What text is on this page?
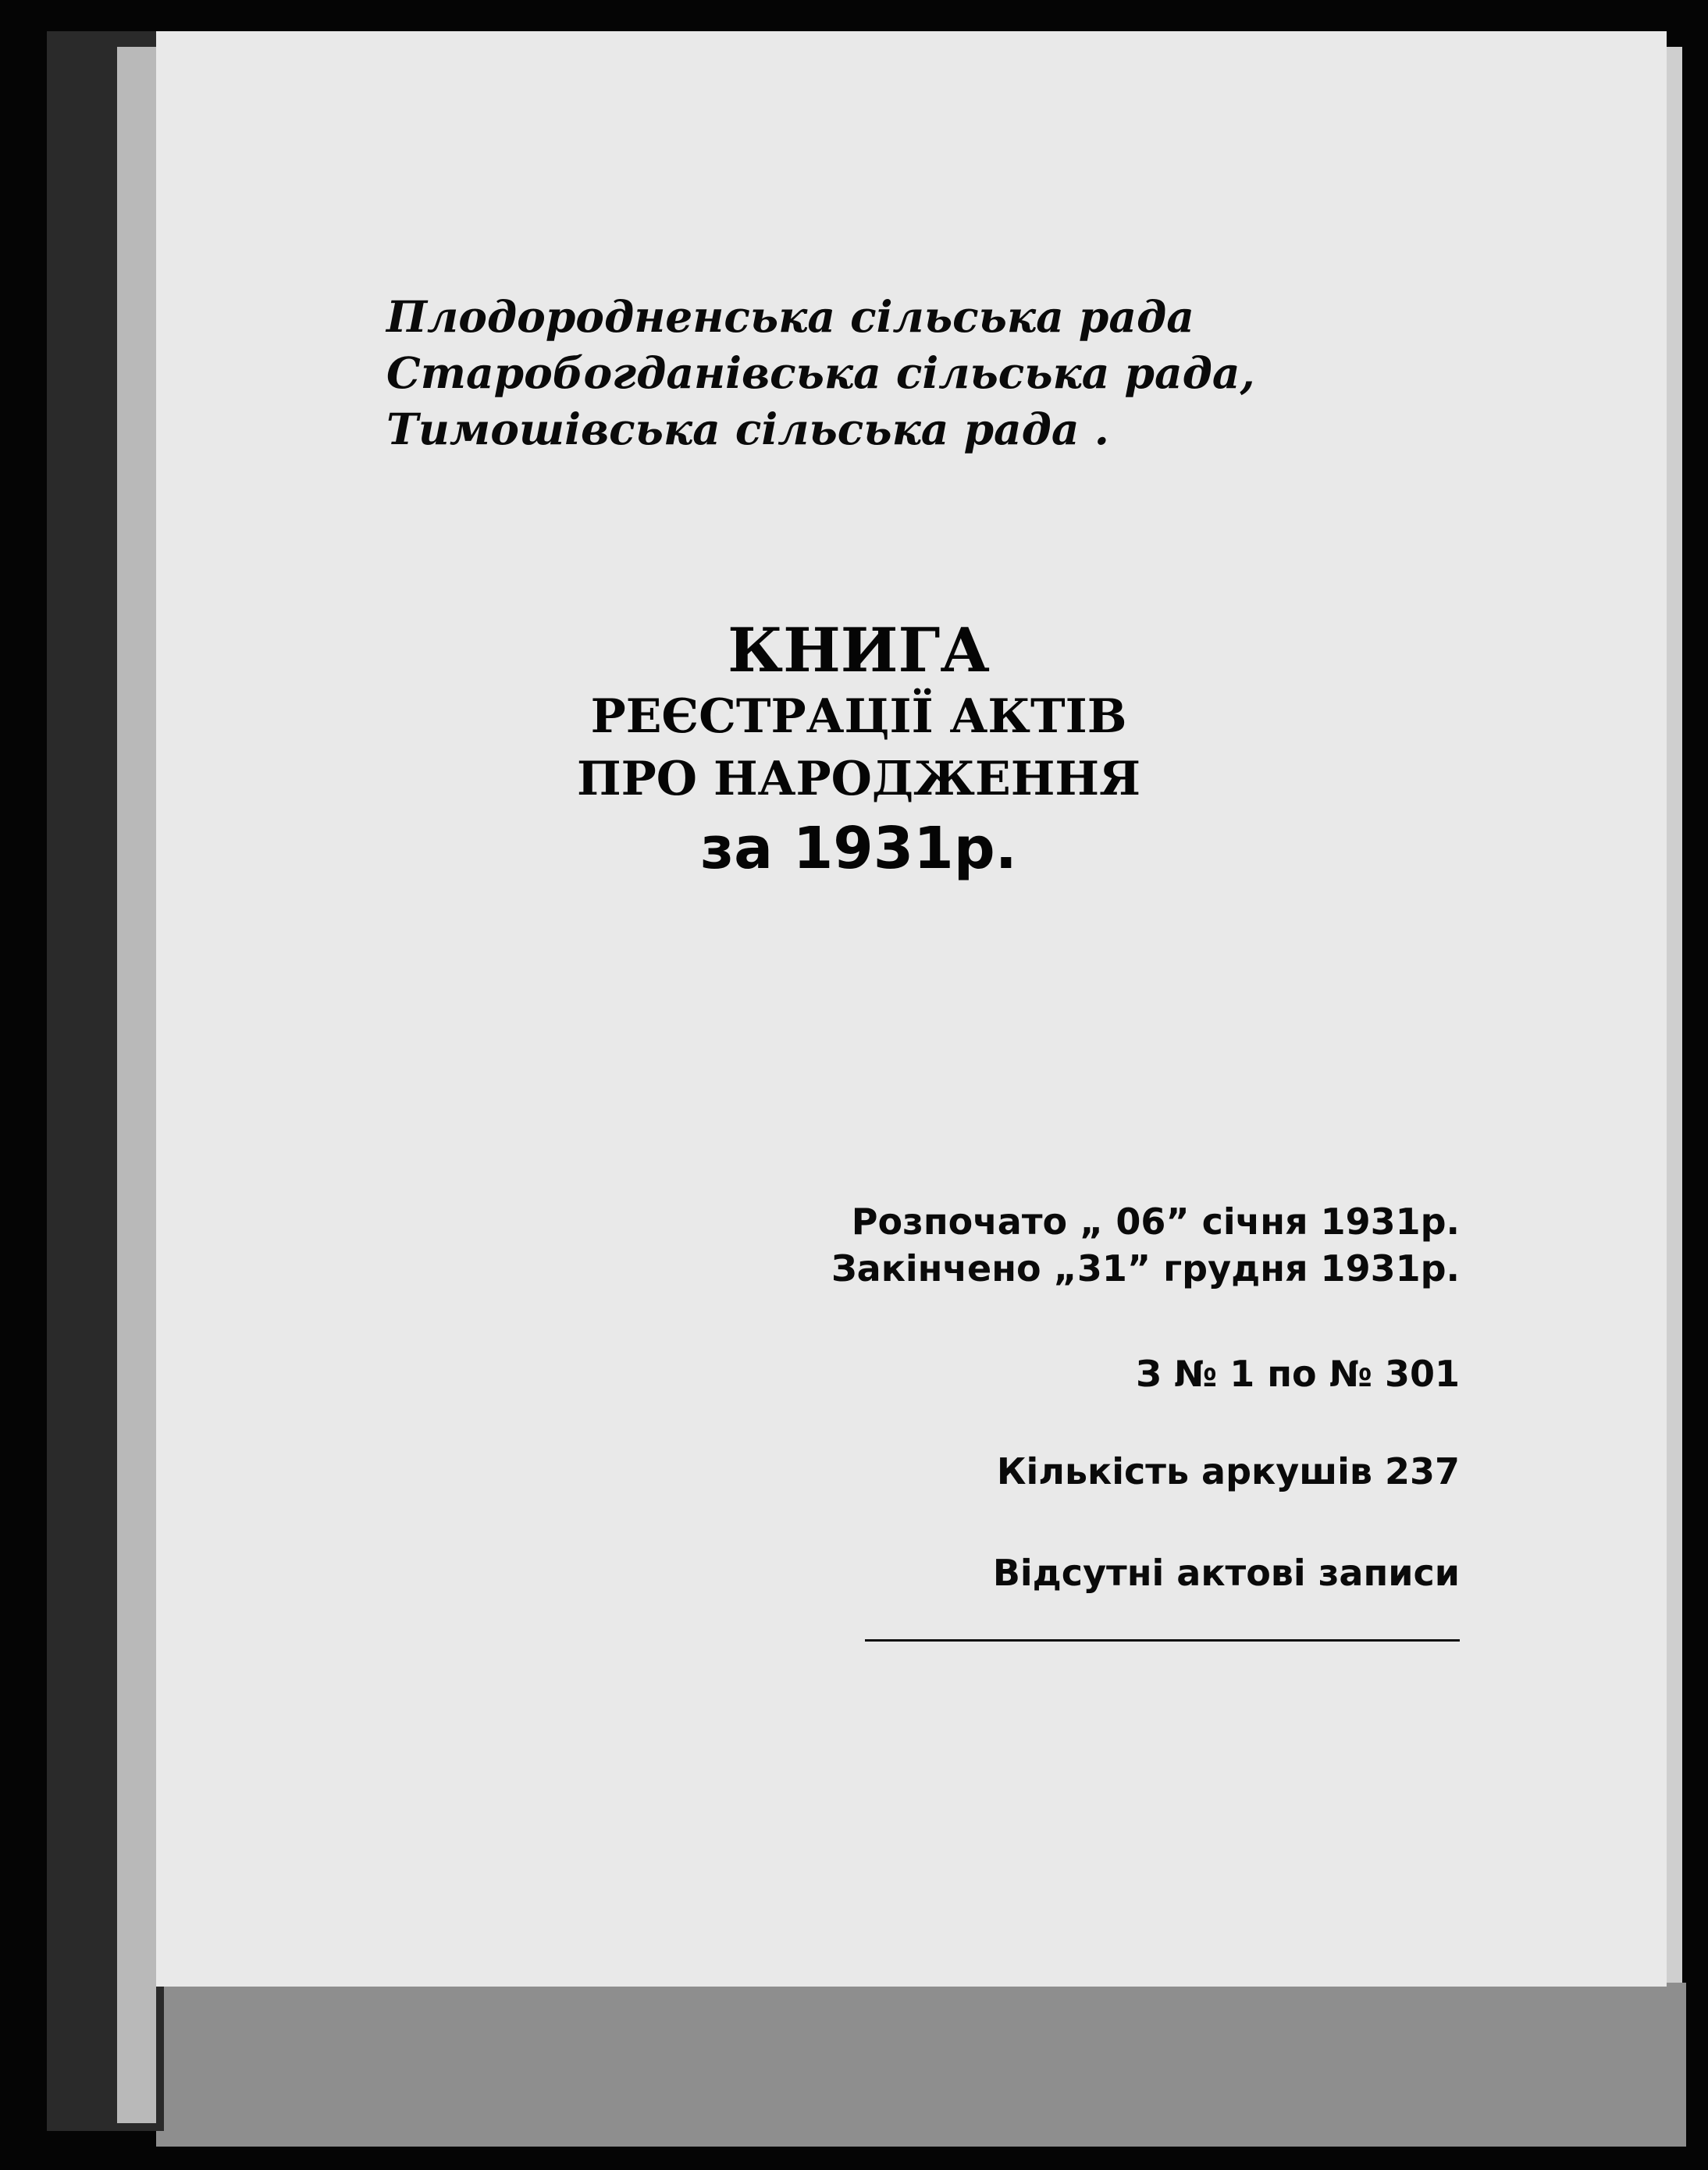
Плодородненська сільська рада
Старобогданівська сільська рада,
Тимошівська сільська рада .
КНИГА
РЕЄСТРАЦІЇ АКТІВ
ПРО НАРОДЖЕННЯ
за 1931р.
Розпочато „ 06” січня 1931р.
Закінчено „31” грудня 1931р.
З № 1 по № 301
Кількість аркушів 237
Відсутні актові записи
